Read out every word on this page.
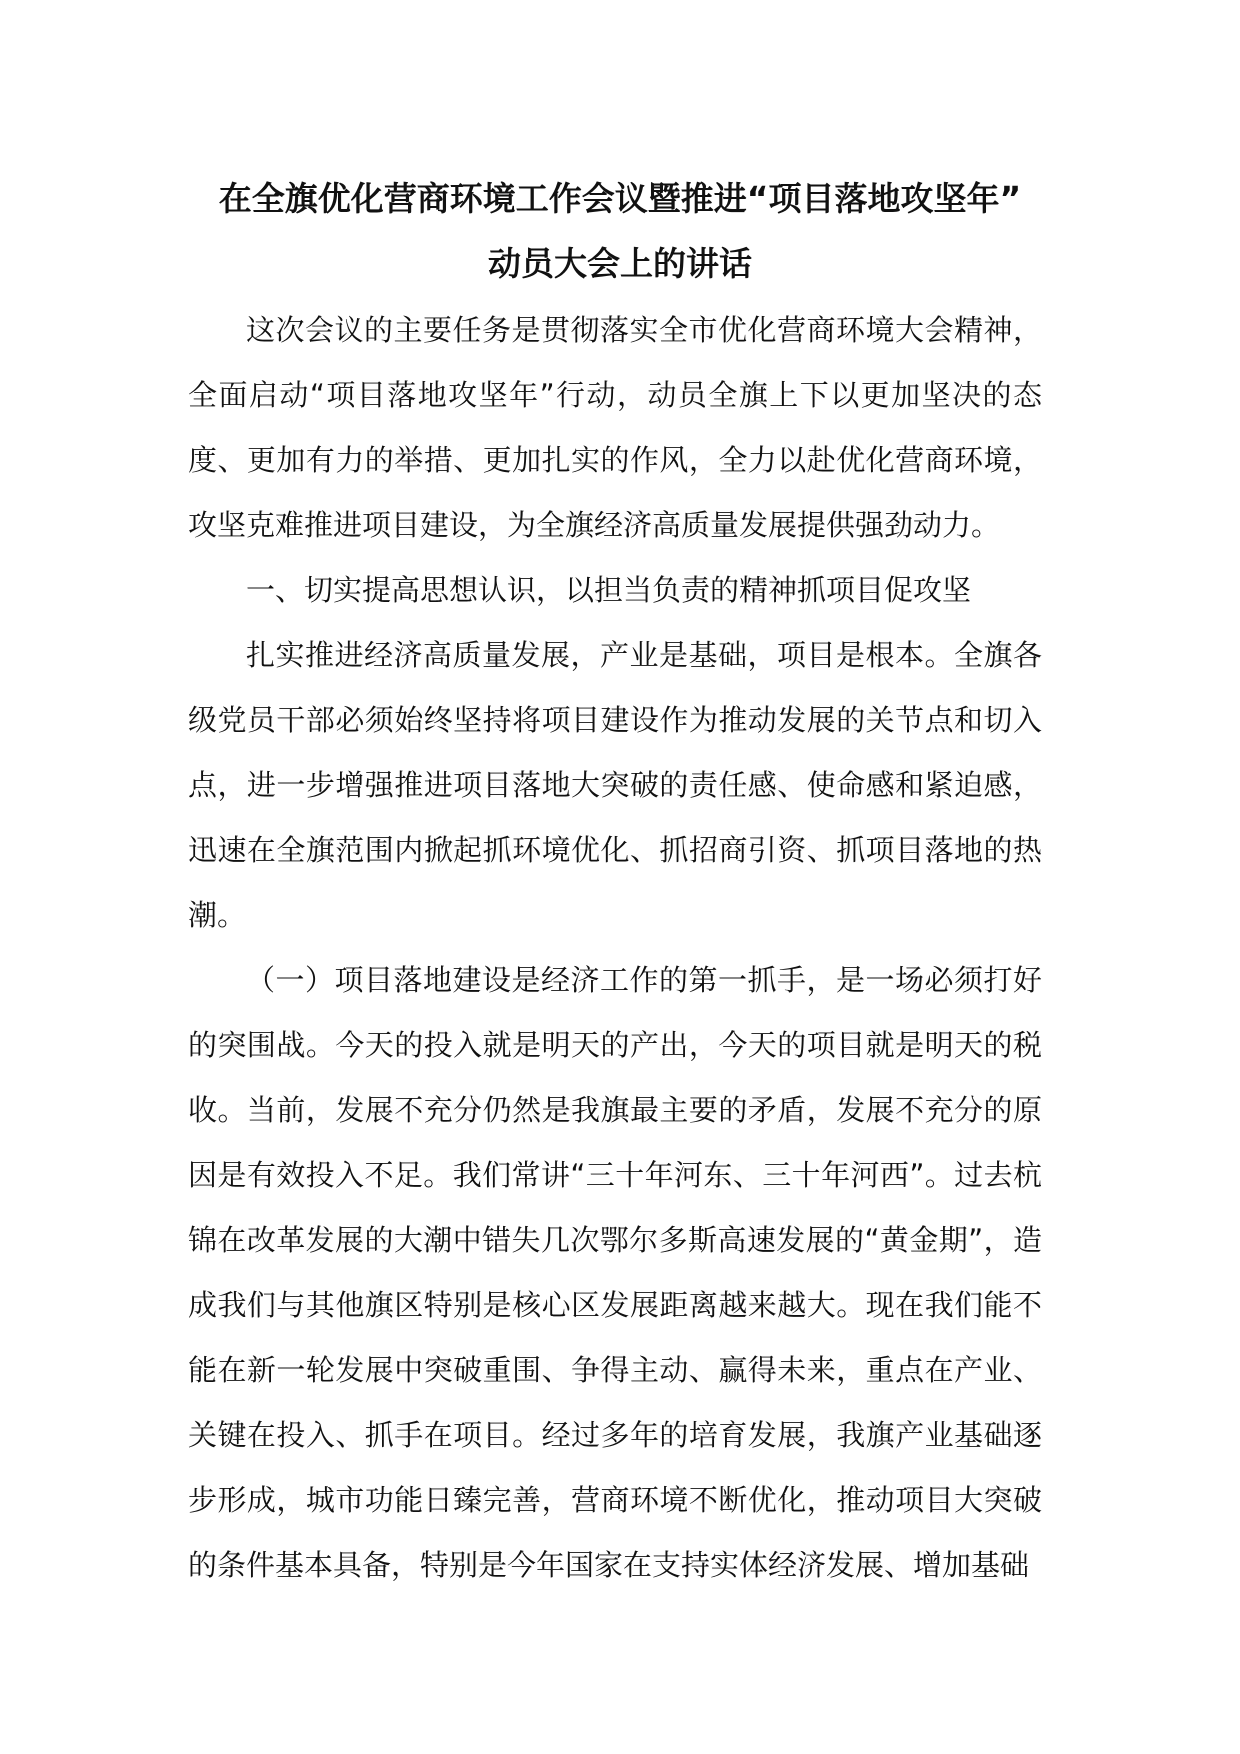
在全旗优化营商环境工作会议暨推进“项目落地攻坚年”

动员大会上的讲话

这次会议的主要任务是贯彻落实全市优化营商环境大会精神，全面启动“项目落地攻坚年”行动，动员全旗上下以更加坚决的态度、更加有力的举措、更加扎实的作风，全力以赴优化营商环境，攻坚克难推进项目建设，为全旗经济高质量发展提供强劲动力。

一、切实提高思想认识，以担当负责的精神抓项目促攻坚

扎实推进经济高质量发展，产业是基础，项目是根本。全旗各级党员干部必须始终坚持将项目建设作为推动发展的关节点和切入点，进一步增强推进项目落地大突破的责任感、使命感和紧迫感，迅速在全旗范围内掀起抓环境优化、抓招商引资、抓项目落地的热潮。

（一）项目落地建设是经济工作的第一抓手，是一场必须打好的突围战。今天的投入就是明天的产出，今天的项目就是明天的税收。当前，发展不充分仍然是我旗最主要的矛盾，发展不充分的原因是有效投入不足。我们常讲“三十年河东、三十年河西”。过去杭锦在改革发展的大潮中错失几次鄂尔多斯高速发展的“黄金期”，造成我们与其他旗区特别是核心区发展距离越来越大。现在我们能不能在新一轮发展中突破重围、争得主动、赢得未来，重点在产业、关键在投入、抓手在项目。经过多年的培育发展，我旗产业基础逐步形成，城市功能日臻完善，营商环境不断优化，推动项目大突破的条件基本具备，特别是今年国家在支持实体经济发展、增加基础
